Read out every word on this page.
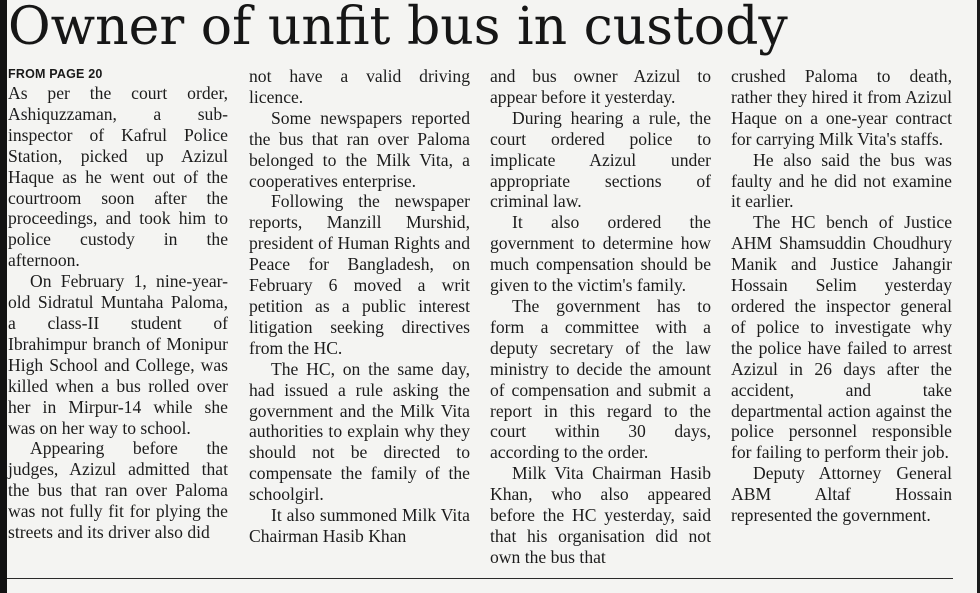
Owner of unfit bus in custody
FROM PAGE 20

As per the court order, Ashiquzzaman, a sub-inspector of Kafrul Police Station, picked up Azizul Haque as he went out of the courtroom soon after the proceedings, and took him to police custody in the afternoon.

On February 1, nine-year-old Sidratul Muntaha Paloma, a class-II student of Ibrahimpur branch of Monipur High School and College, was killed when a bus rolled over her in Mirpur-14 while she was on her way to school.

Appearing before the judges, Azizul admitted that the bus that ran over Paloma was not fully fit for plying the streets and its driver also did

not have a valid driving licence.

Some newspapers reported the bus that ran over Paloma belonged to the Milk Vita, a cooperatives enterprise.

Following the newspaper reports, Manzill Murshid, president of Human Rights and Peace for Bangladesh, on February 6 moved a writ petition as a public interest litigation seeking directives from the HC.

The HC, on the same day, had issued a rule asking the government and the Milk Vita authorities to explain why they should not be directed to compensate the family of the schoolgirl.

It also summoned Milk Vita Chairman Hasib Khan

and bus owner Azizul to appear before it yesterday.

During hearing a rule, the court ordered police to implicate Azizul under appropriate sections of criminal law.

It also ordered the government to determine how much compensation should be given to the victim's family.

The government has to form a committee with a deputy secretary of the law ministry to decide the amount of compensation and submit a report in this regard to the court within 30 days, according to the order.

Milk Vita Chairman Hasib Khan, who also appeared before the HC yesterday, said that his organisation did not own the bus that

crushed Paloma to death, rather they hired it from Azizul Haque on a one-year contract for carrying Milk Vita's staffs.

He also said the bus was faulty and he did not examine it earlier.

The HC bench of Justice AHM Shamsuddin Choudhury Manik and Justice Jahangir Hossain Selim yesterday ordered the inspector general of police to investigate why the police have failed to arrest Azizul in 26 days after the accident, and take departmental action against the police personnel responsible for failing to perform their job.

Deputy Attorney General ABM Altaf Hossain represented the government.
